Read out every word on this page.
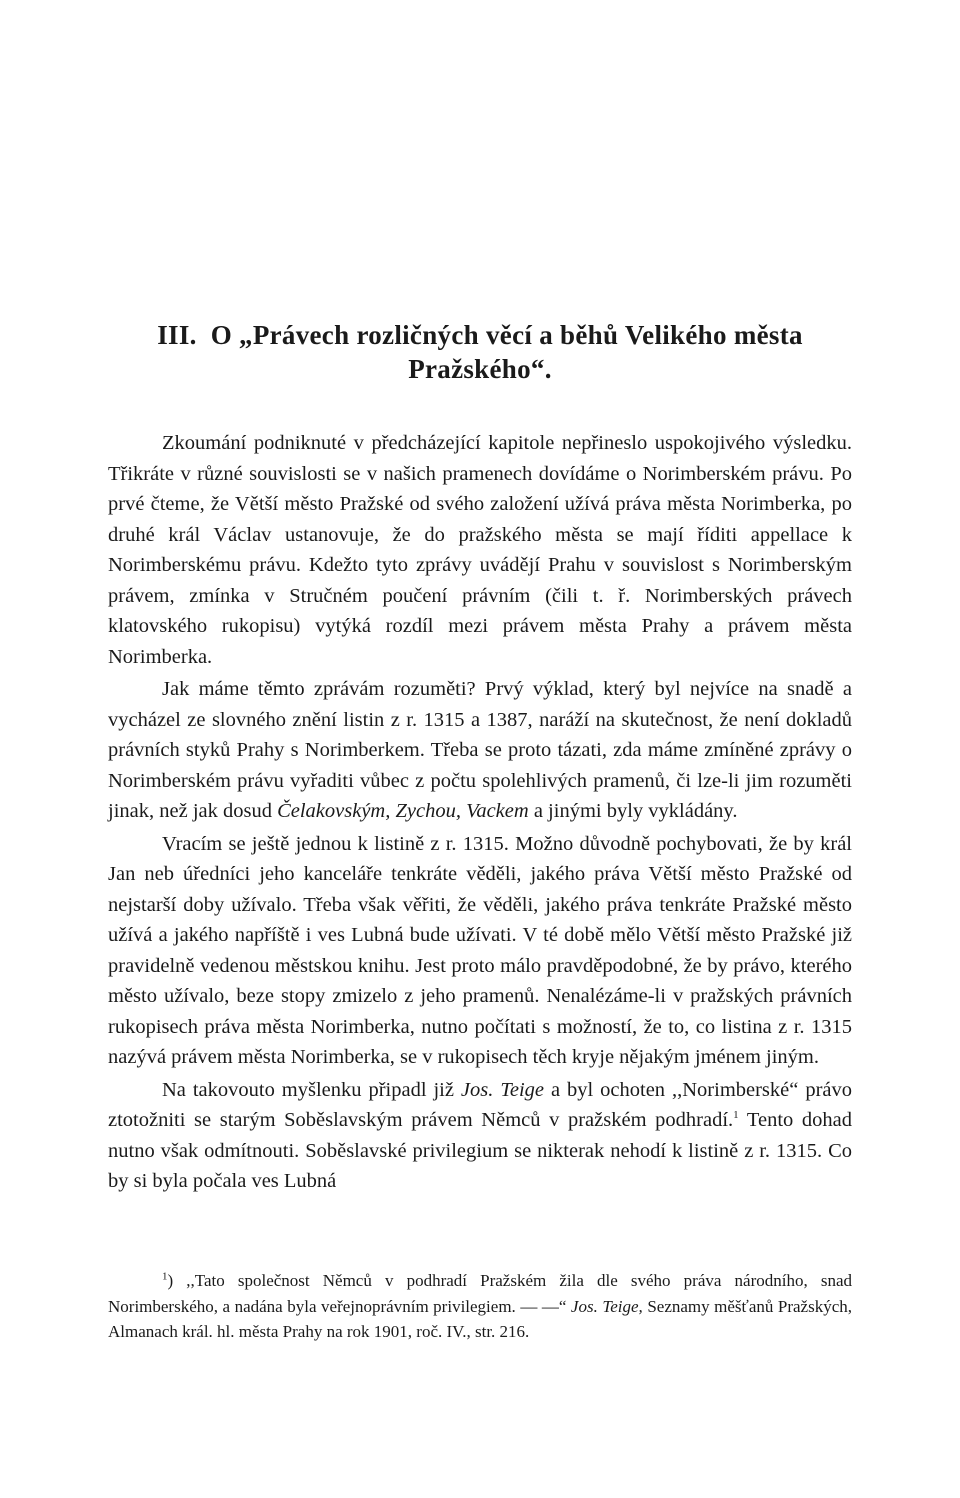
III. O „Právech rozličných věcí a běhů Velikého města
Pražského“.

Zkoumání podniknuté v předcházející kapitole nepřineslo uspokojivého výsledku. Třikráte v různé souvislosti se v našich pramenech dovídáme o Norimberském právu. Po prvé čteme, že Větší město Pražské od svého založení užívá práva města Norimberka, po druhé král Václav ustanovuje, že do pražského města se mají říditi appellace k Norimberskému právu. Kdežto tyto zprávy uvádějí Prahu v souvislost s Norimberským právem, zmínka v Stručném poučení právním (čili t. ř. Norimberských právech klatovského rukopisu) vytýká rozdíl mezi právem města Prahy a právem města Norimberka.

Jak máme těmto zprávám rozuměti? Prvý výklad, který byl nejvíce na snadě a vycházel ze slovného znění listin z r. 1315 a 1387, naráží na skutečnost, že není dokladů právních styků Prahy s Norimberkem. Třeba se proto tázati, zda máme zmíněné zprávy o Norimberském právu vyřaditi vůbec z počtu spolehlivých pramenů, či lze-li jim rozuměti jinak, než jak dosud Čelakovským, Zychou, Vackem a jinými byly vykládány.

Vracím se ještě jednou k listině z r. 1315. Možno důvodně pochybovati, že by král Jan neb úředníci jeho kanceláře tenkráte věděli, jakého práva Větší město Pražské od nejstarší doby užívalo. Třeba však věřiti, že věděli, jakého práva tenkráte Pražské město užívá a jakého napříště i ves Lubná bude užívati. V té době mělo Větší město Pražské již pravidelně vedenou městskou knihu. Jest proto málo pravděpodobné, že by právo, kterého město užívalo, beze stopy zmizelo z jeho pramenů. Nenalézáme-li v pražských právních rukopisech práva města Norimberka, nutno počítati s možností, že to, co listina z r. 1315 nazývá právem města Norimberka, se v rukopisech těch kryje nějakým jménem jiným.

Na takovouto myšlenku připadl již Jos. Teige a byl ochoten ,,Norimberské“ právo ztotožniti se starým Soběslavským právem Němců v pražském podhradí.$^1$ Tento dohad nutno však odmítnouti. Soběslavské privilegium se nikterak nehodí k listině z r. 1315. Co by si byla počala ves Lubná

$^1$) ,,Tato společnost Němců v podhradí Pražském žila dle svého práva národního, snad Norimberského, a nadána byla veřejnoprávním privilegiem. — —“ Jos. Teige, Seznamy měšťanů Pražských, Almanach král. hl. města Prahy na rok 1901, roč. IV., str. 216.
